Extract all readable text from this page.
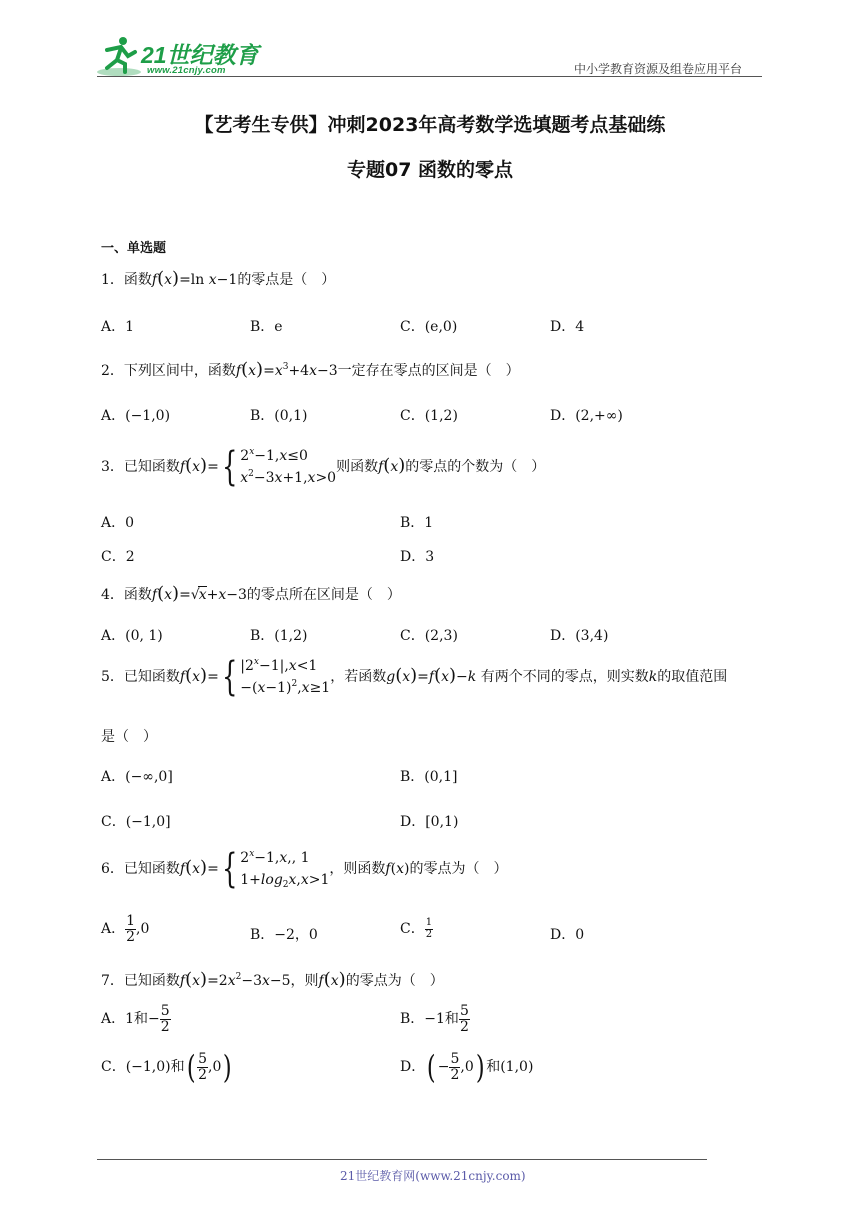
21世纪教育
www.21cnjy.com	中小学教育资源及组卷应用平台
【艺考生专供】冲刺2023年高考数学选填题考点基础练
专题07 函数的零点
一、单选题
1．函数f(x)=ln x−1的零点是（　）
A．1	B．e	C．(e,0)	D．4
2．下列区间中，函数$f(x)=x^3+4x-3$一定存在零点的区间是（　）
A．(−1,0)	B．(0,1)	C．(1,2)	D．(2,+∞)
3．已知函数f(x)={ $2^x-1,x\le 0$
$x^2-3x+1,x>0$则函数f(x)的零点的个数为（　）
A．0	B．1
C．2	D．3
4．函数f(x)=√x+x−3的零点所在区间是（　）
A．(0, 1)	B．(1,2)	C．(2,3)	D．(3,4)
5．已知函数f(x)={ $|2^x-1|,x<1$
$-(x-1)^2,x\ge 1$，若函数g(x)=f(x)−k 有两个不同的零点，则实数k的取值范围
是（　）
A．(−∞,0]	B．(0,1]
C．(−1,0]	D．[0,1)
6．已知函数f(x)={ $2^x-1,x$,, 1
$1+\log_2x,x>1$，则函数f(x)的零点为（　）
A． $\frac{1}{2} ,0$	B．−2，0	C． $\frac{1}{2}$	D．0
7．已知函数$f(x)=2x^2-3x-5$，则f(x)的零点为（　）
A．1和− $\frac{5}{2}$	B．−1和 $\frac{5}{2}$
C．(−1,0)和( $\frac{5}{2} ,0$)	D．( − $\frac{5}{2} ,0$) 和(1,0)
21世纪教育网(www.21cnjy.com)
